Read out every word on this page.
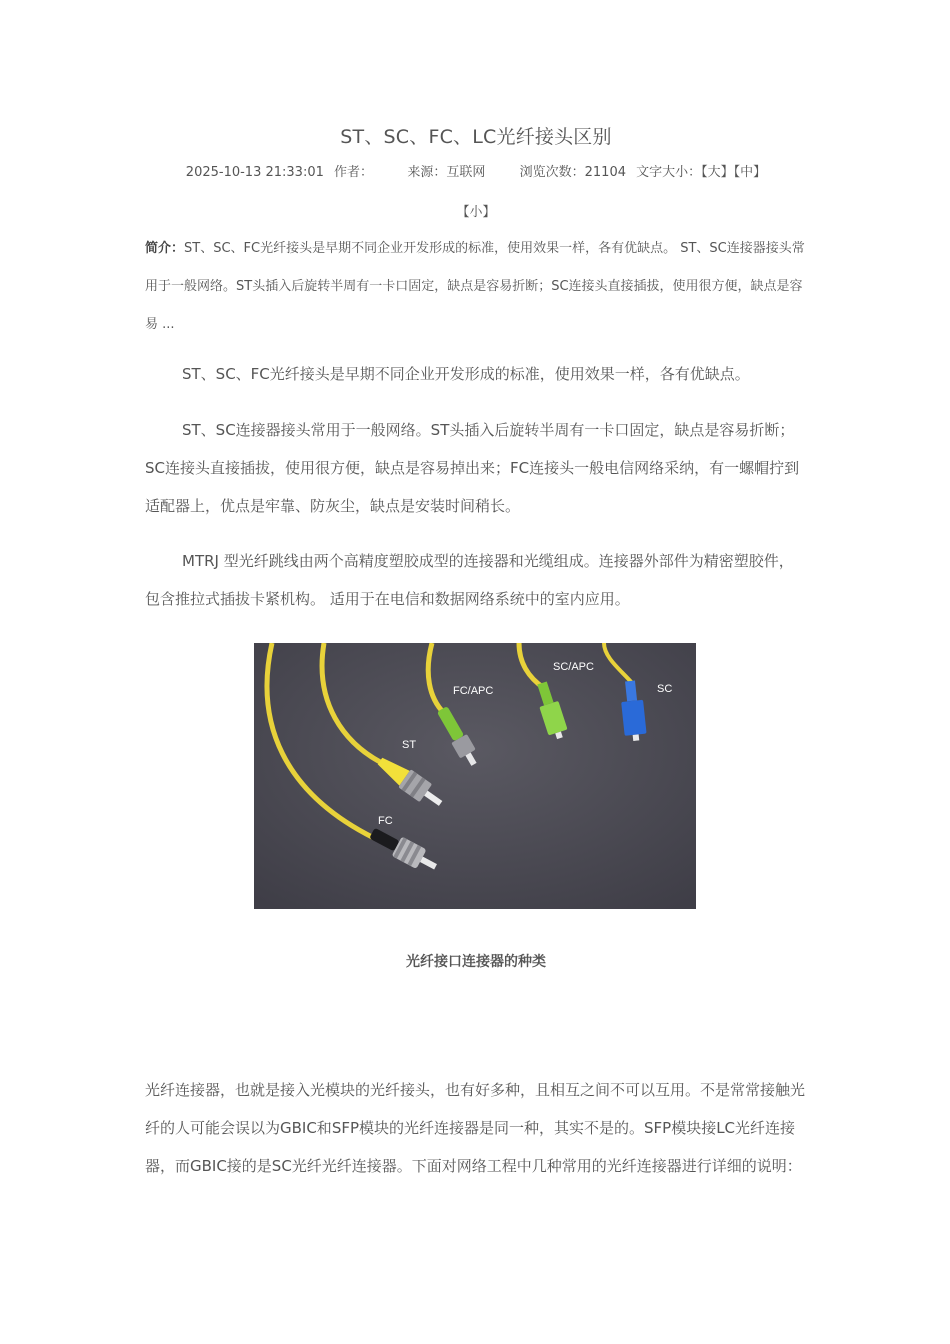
ST、SC、FC、LC光纤接头区别
2025-10-13 21:33:01 作者：	来源：互联网	浏览次数：21104 文字大小：【大】【中】
【小】
简介：ST、SC、FC光纤接头是早期不同企业开发形成的标准，使用效果一样，各有优缺点。 ST、SC连接器接头常用于一般网络。ST头插入后旋转半周有一卡口固定，缺点是容易折断；SC连接头直接插拔，使用很方便，缺点是容易 ...

ST、SC、FC光纤接头是早期不同企业开发形成的标准，使用效果一样，各有优缺点。

ST、SC连接器接头常用于一般网络。ST头插入后旋转半周有一卡口固定，缺点是容易折断；SC连接头直接插拔，使用很方便，缺点是容易掉出来；FC连接头一般电信网络采纳，有一螺帽拧到适配器上，优点是牢靠、防灰尘，缺点是安装时间稍长。

MTRJ 型光纤跳线由两个高精度塑胶成型的连接器和光缆组成。连接器外部件为精密塑胶件，包含推拉式插拔卡紧机构。 适用于在电信和数据网络系统中的室内应用。

FC/APC
SC/APC
SC
ST
FC
光纤接口连接器的种类

光纤连接器，也就是接入光模块的光纤接头，也有好多种，且相互之间不可以互用。不是常常接触光纤的人可能会误以为GBIC和SFP模块的光纤连接器是同一种，其实不是的。SFP模块接LC光纤连接器，而GBIC接的是SC光纤光纤连接器。下面对网络工程中几种常用的光纤连接器进行详细的说明：
